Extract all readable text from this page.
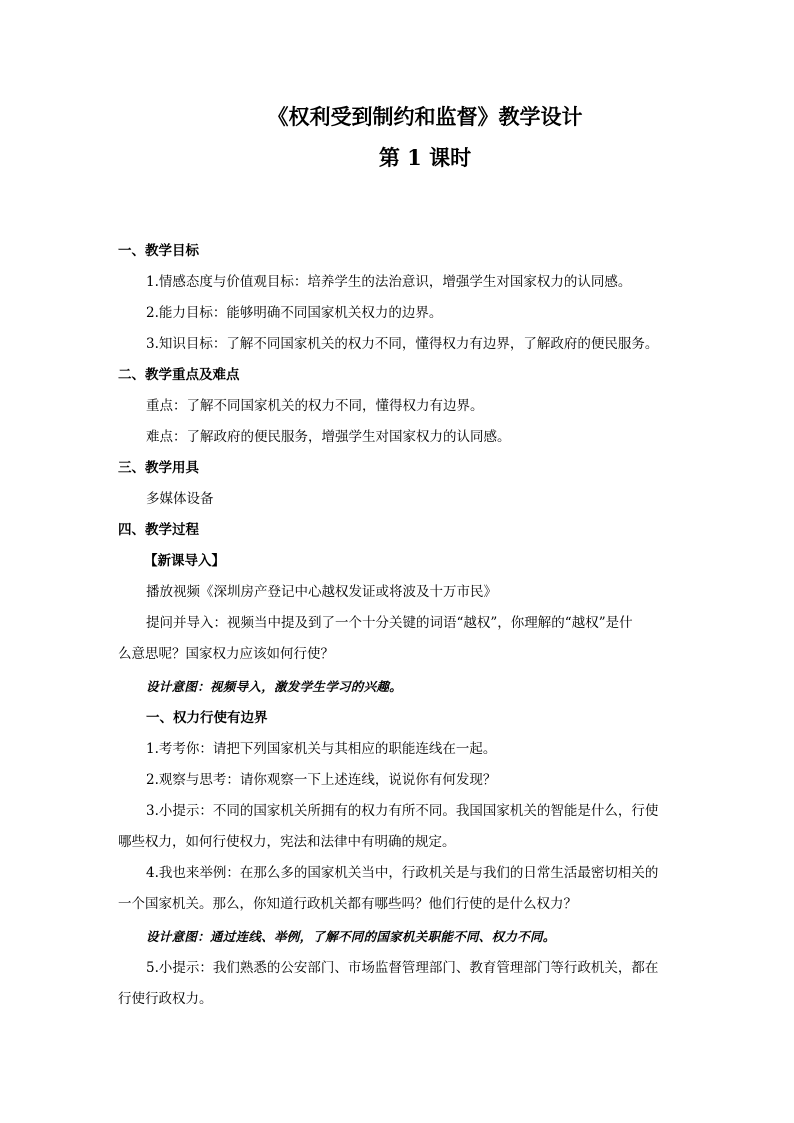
《权利受到制约和监督》教学设计
第 1 课时
一、教学目标
1.情感态度与价值观目标：培养学生的法治意识，增强学生对国家权力的认同感。
2.能力目标：能够明确不同国家机关权力的边界。
3.知识目标：了解不同国家机关的权力不同，懂得权力有边界，了解政府的便民服务。
二、教学重点及难点
重点：了解不同国家机关的权力不同，懂得权力有边界。
难点：了解政府的便民服务，增强学生对国家权力的认同感。
三、教学用具
多媒体设备
四、教学过程
【新课导入】
播放视频《深圳房产登记中心越权发证或将波及十万市民》
提问并导入：视频当中提及到了一个十分关键的词语“越权”，你理解的“越权”是什
么意思呢？国家权力应该如何行使？
设计意图：视频导入，激发学生学习的兴趣。
一、权力行使有边界
1.考考你：请把下列国家机关与其相应的职能连线在一起。
2.观察与思考：请你观察一下上述连线，说说你有何发现？
3.小提示：不同的国家机关所拥有的权力有所不同。我国国家机关的智能是什么，行使
哪些权力，如何行使权力，宪法和法律中有明确的规定。
4.我也来举例：在那么多的国家机关当中，行政机关是与我们的日常生活最密切相关的
一个国家机关。那么，你知道行政机关都有哪些吗？他们行使的是什么权力？
设计意图：通过连线、举例，了解不同的国家机关职能不同、权力不同。
5.小提示：我们熟悉的公安部门、市场监督管理部门、教育管理部门等行政机关，都在
行使行政权力。
